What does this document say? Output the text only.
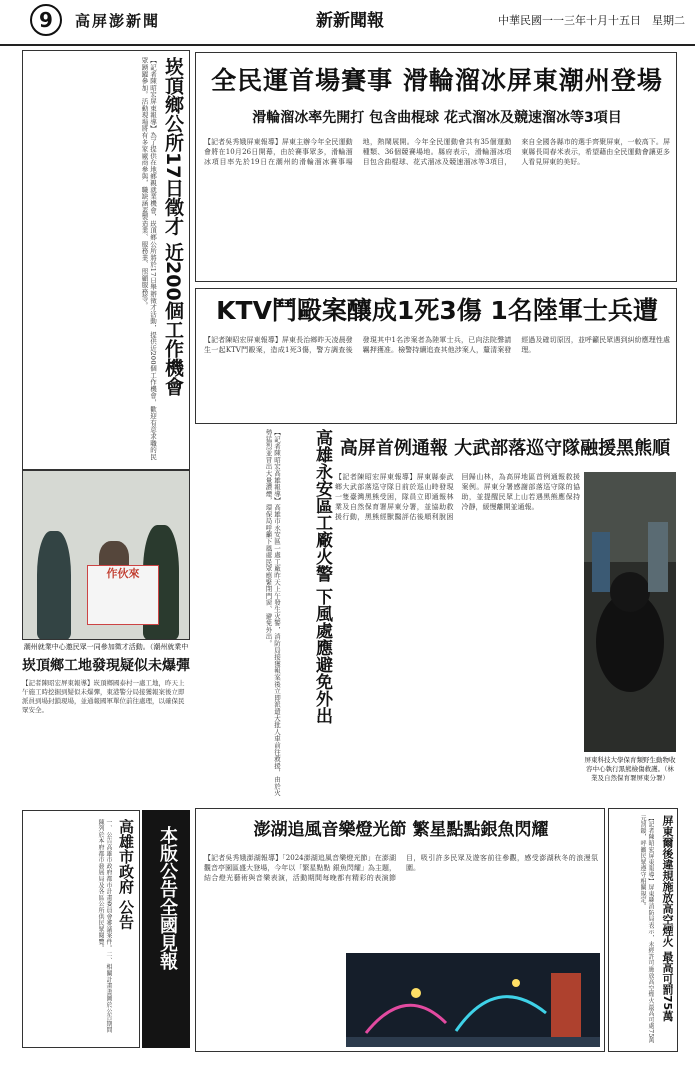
9	高屏澎新聞	新新聞報	中華民國一一三年十月十五日　星期二
崁頂鄉公所17日徵才 近200個工作機會
【記者陳昭宏屏東報導】為了提供在地鄉親就業機會，崁頂鄉公所將於17日舉辦徵才活動，提供近200個工作機會，歡迎有意求職的民眾踴躍參加。活動現場將有多家廠商參與，職缺涵蓋製造業、服務業、照顧服務等。
作伙來
潮州就業中心邀民眾一同參加徵才活動。（潮州就業中
崁頂鄉工地發現疑似未爆彈
【記者陳昭宏屏東報導】崁頂鄉國泰村一處工地，昨天上午施工時挖掘到疑似未爆彈，東港警分局接獲報案後立即派員到場封鎖現場，並通報國軍單位前往處理，以確保民眾安全。
高雄市政府 公告
一、公告高雄市政府都市計畫委員會審議案件。二、相關計畫書圖於公告期間陳列於本府都市發展局及各區公所供民眾閱覽。	本版公告全國見報
全民運首場賽事 滑輪溜冰屏東潮州登場
滑輪溜冰率先開打 包含曲棍球 花式溜冰及競速溜冰等3項目
【記者吳秀娥屏東報導】屏東主辦今年全民運動會將在10月26日開幕，由於賽事眾多，滑輪溜冰項目率先於19日在潮州的滑輪溜冰賽事場地，熱鬧展開。今年全民運動會共有35個運動種類、36個競賽場地。縣府表示，滑輪溜冰項目包含曲棍球、花式溜冰及競速溜冰等3項目，來自全國各縣市的選手齊聚屏東，一較高下。屏東縣長周春米表示，希望藉由全民運動會讓更多人看見屏東的美好。
KTV鬥毆案釀成1死3傷 1名陸軍士兵遭
【記者陳昭宏屏東報導】屏東長治鄉昨天凌晨發生一起KTV鬥毆案，造成1死3傷，警方調查後發現其中1名涉案者為陸軍士兵，已向法院聲請羈押獲准。檢警持續追查其他涉案人，釐清案發經過及確切原因，並呼籲民眾遇到糾紛應理性處理。
高雄永安區工廠火警 下風處應避免外出
【記者陳昭宏高雄報導】高雄市永安區一處工廠昨天上午發生火警，消防局接獲報案後立即派遣大批人車前往救援，由於火勢猛烈並冒出大量濃煙，環保局呼籲下風處民眾應緊閉門窗、避免外出。	高屏首例通報 大武部落巡守隊融援黑熊順
【記者陳昭宏屏東報導】屏東縣泰武鄉大武部落巡守隊日前於巡山時發現一隻臺灣黑熊受困，隊員立即通報林業及自然保育署屏東分署，並協助救援行動，黑熊經獸醫評估後順利脫困回歸山林，為高屏地區首例通報救援案例。屏東分署感謝部落巡守隊的協助，並提醒民眾上山若遇黑熊應保持冷靜，緩慢離開並通報。
屏東科技大學保育類野生動物收容中心執行黑熊檢傷救護。（林業及自然保育署屏東分署）
澎湖追風音樂燈光節 繁星點點銀魚閃耀
【記者吳秀娥澎湖報導】「2024澎湖追風音樂燈光節」在澎湖觀音亭園區盛大登場，今年以「繁星點點 銀魚閃耀」為主題，結合燈光藝術與音樂表演，活動期間每晚都有精彩的表演節目，吸引許多民眾及遊客前往參觀，感受澎湖秋冬的浪漫氛圍。	屏東爾後違規施放高空煙火 最高可罰75萬
【記者陳昭宏屏東報導】屏東縣消防局表示，未經許可施放高空煙火最高可處75萬元罰鍰，呼籲民眾遵守相關規定。
